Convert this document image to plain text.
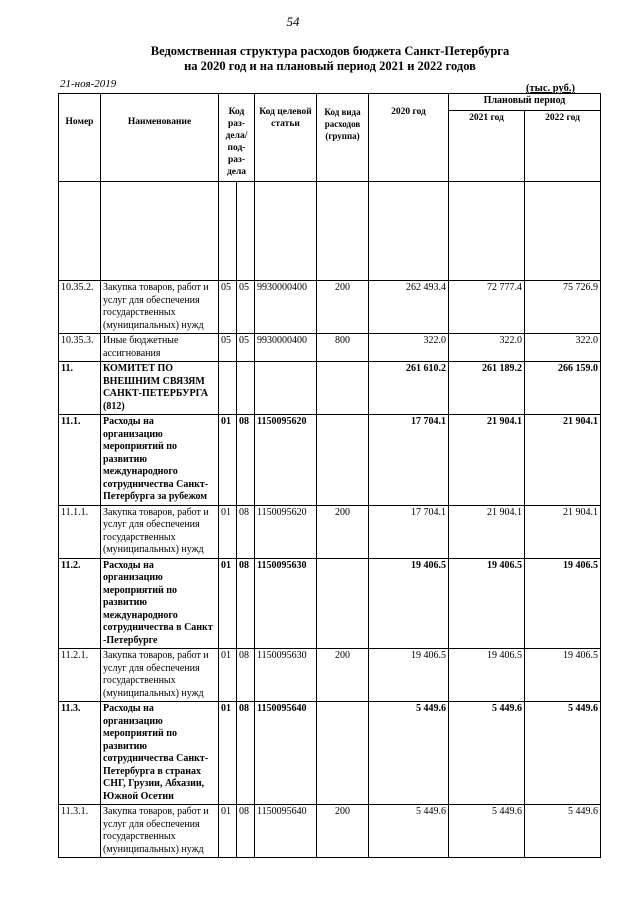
54
Ведомственная структура расходов бюджета Санкт-Петербурга
на 2020 год и на плановый период 2021 и 2022 годов
21-ноя-2019	(тыс. руб.)
Номер	Наименование	Код раз-дела/ под-раз-дела		Код целевой статьи	Код вида расходов (группа)	2020 год	Плановый период	
							2021 год	2022 год

10.35.2.	Закупка товаров, работ и услуг для обеспечения государственных (муниципальных) нужд	05	05	9930000400	200	262 493.4	72 777.4	75 726.9
10.35.3.	Иные бюджетные ассигнования	05	05	9930000400	800	322.0	322.0	322.0
11.	КОМИТЕТ ПО ВНЕШНИМ СВЯЗЯМ САНКТ-ПЕТЕРБУРГА (812)					261 610.2	261 189.2	266 159.0
11.1.	Расходы на организацию мероприятий по развитию международного сотрудничества Санкт-Петербурга за рубежом	01	08	1150095620		17 704.1	21 904.1	21 904.1
11.1.1.	Закупка товаров, работ и услуг для обеспечения государственных (муниципальных) нужд	01	08	1150095620	200	17 704.1	21 904.1	21 904.1
11.2.	Расходы на организацию мероприятий по развитию международного сотрудничества в Санкт -Петербурге	01	08	1150095630		19 406.5	19 406.5	19 406.5
11.2.1.	Закупка товаров, работ и услуг для обеспечения государственных (муниципальных) нужд	01	08	1150095630	200	19 406.5	19 406.5	19 406.5
11.3.	Расходы на организацию мероприятий по развитию сотрудничества Санкт-Петербурга в странах СНГ, Грузии, Абхазии, Южной Осетии	01	08	1150095640		5 449.6	5 449.6	5 449.6
11.3.1.	Закупка товаров, работ и услуг для обеспечения государственных (муниципальных) нужд	01	08	1150095640	200	5 449.6	5 449.6	5 449.6
